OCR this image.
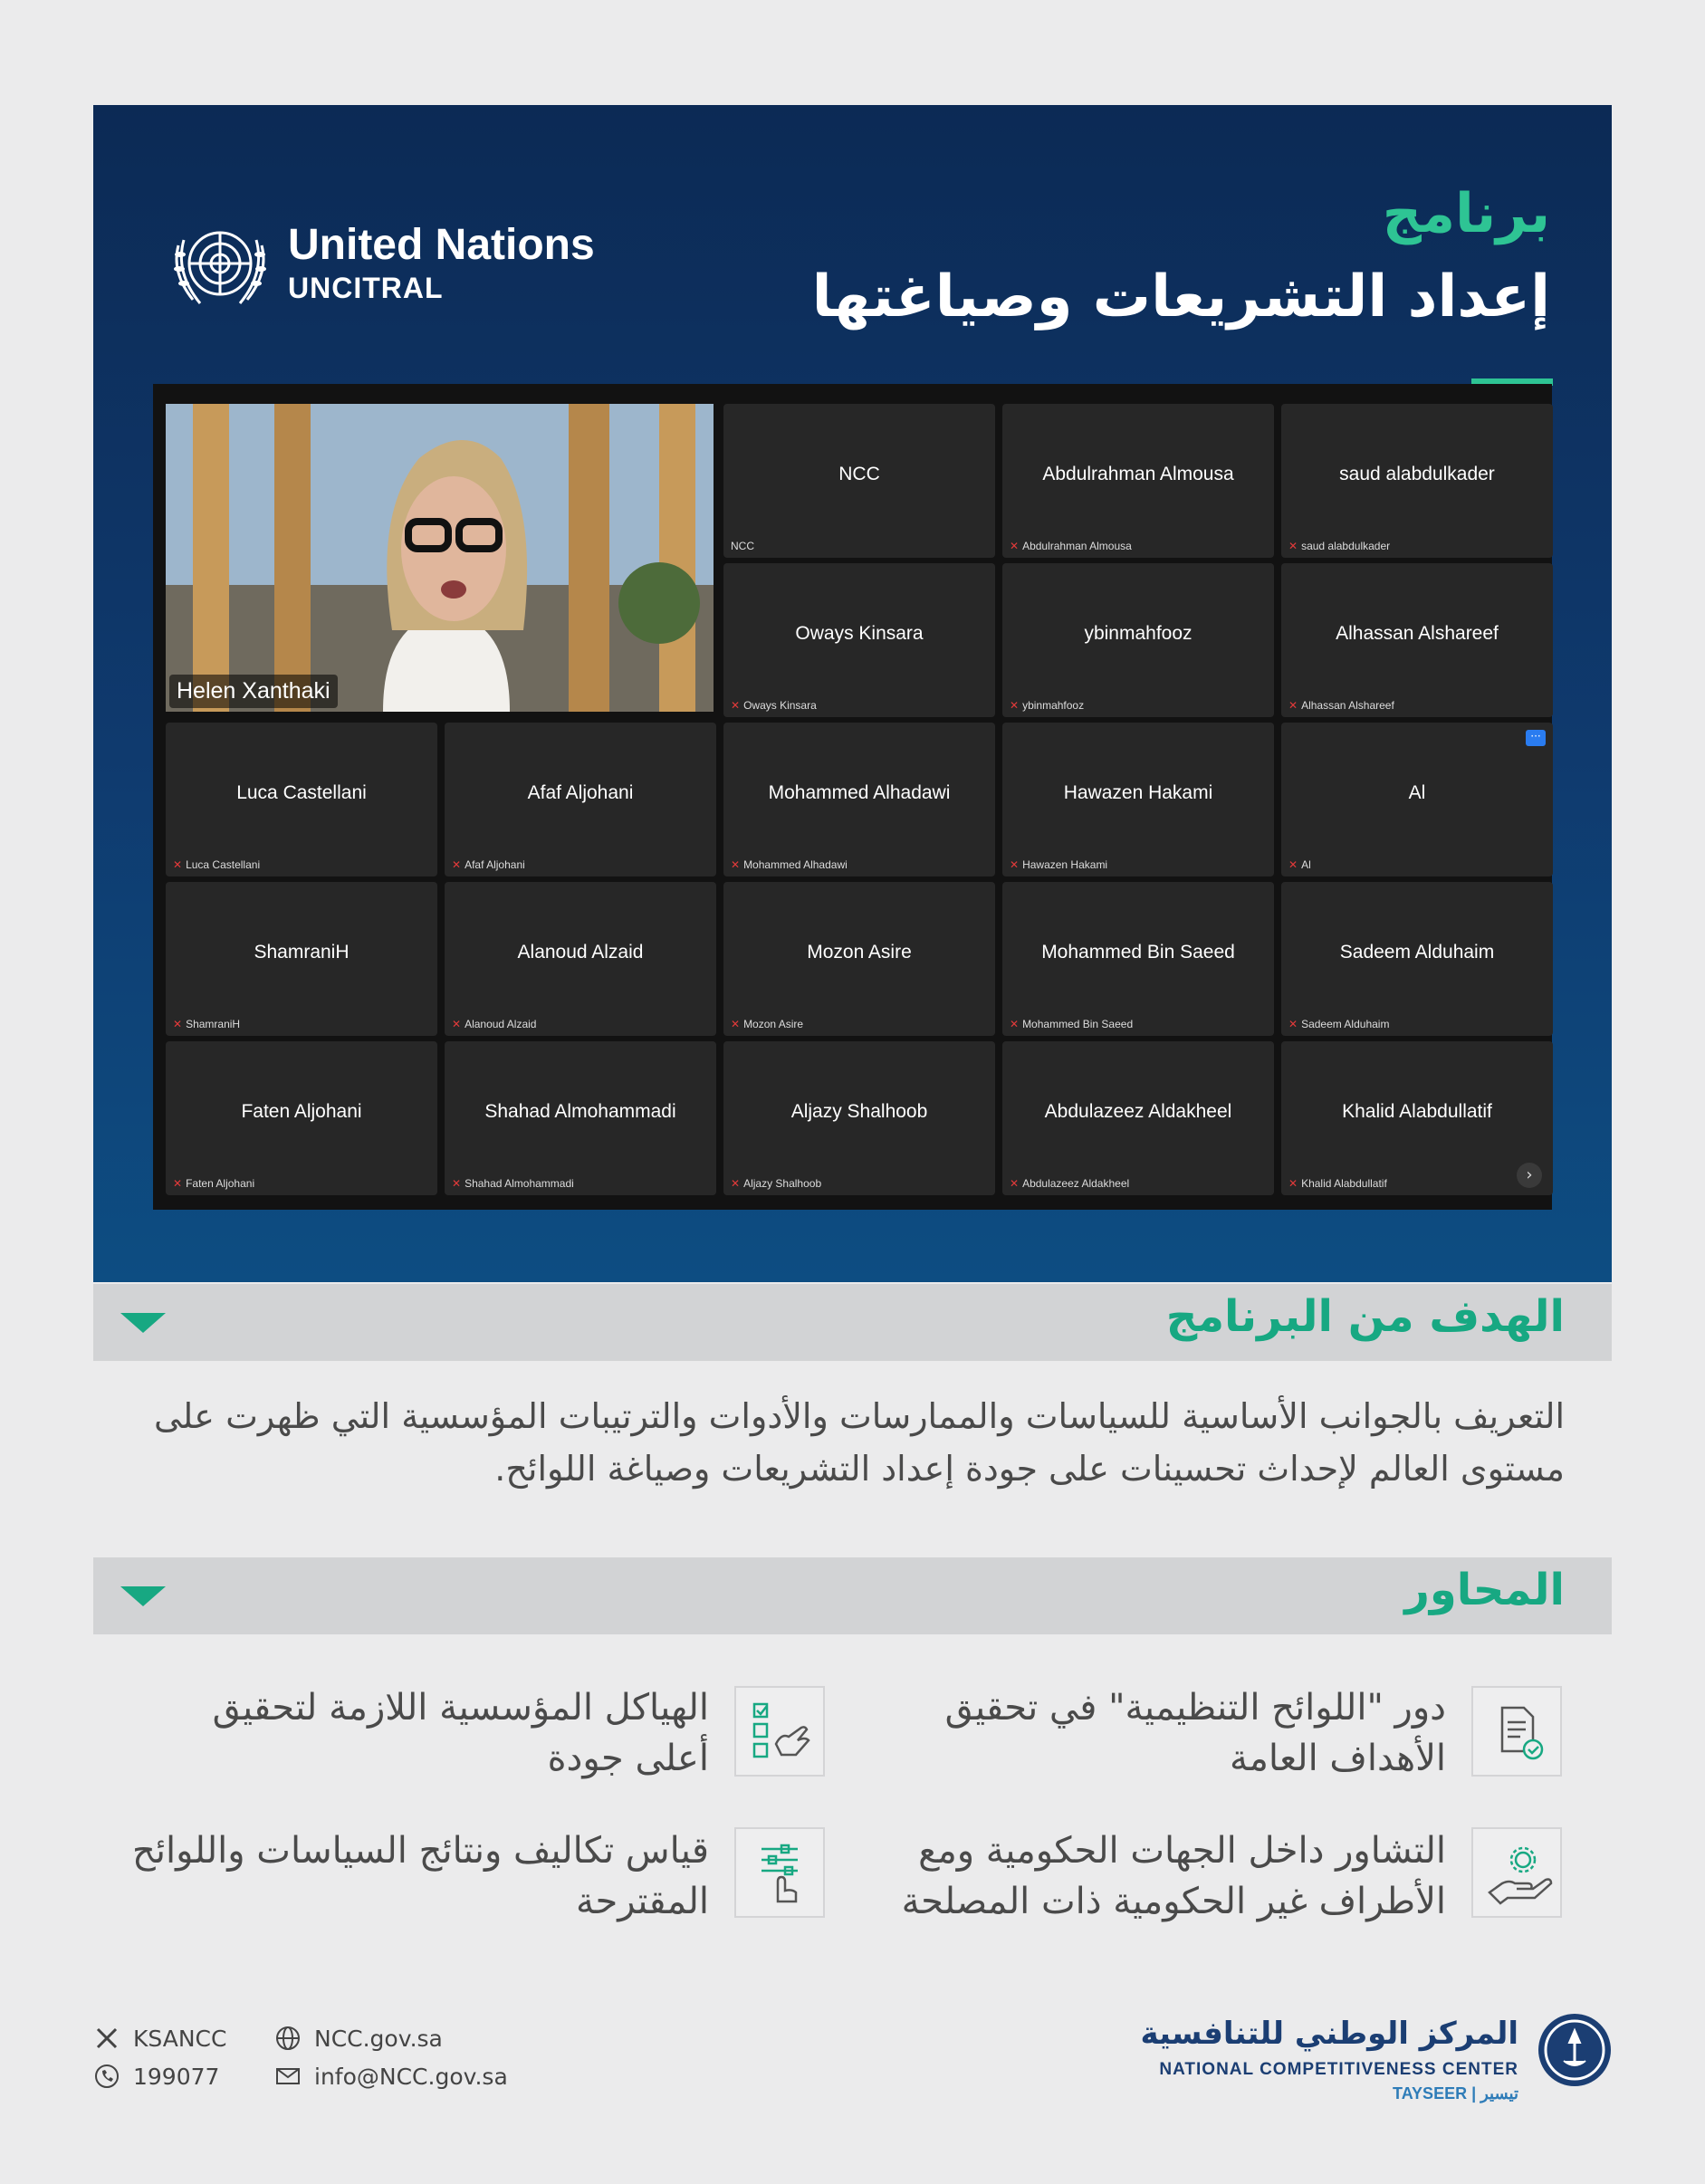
United Nations
UNCITRAL
برنامج
إعداد التشريعات وصياغتها
Helen Xanthaki
NCC
NCC
Abdulrahman Almousa
✕ Abdulrahman Almousa
saud alabdulkader
✕ saud alabdulkader
Oways Kinsara
✕ Oways Kinsara
ybinmahfooz
✕ ybinmahfooz
Alhassan Alshareef
✕ Alhassan Alshareef
Luca Castellani
✕ Luca Castellani
Afaf Aljohani
✕ Afaf Aljohani
Mohammed Alhadawi
✕ Mohammed Alhadawi
Hawazen Hakami
✕ Hawazen Hakami
Al
✕ Al
···
ShamraniH
✕ ShamraniH
Alanoud Alzaid
✕ Alanoud Alzaid
Mozon Asire
✕ Mozon Asire
Mohammed Bin Saeed
✕ Mohammed Bin Saeed
Sadeem Alduhaim
✕ Sadeem Alduhaim
Faten Aljohani
✕ Faten Aljohani
Shahad Almohammadi
✕ Shahad Almohammadi
Aljazy Shalhoob
✕ Aljazy Shalhoob
Abdulazeez Aldakheel
✕ Abdulazeez Aldakheel
Khalid Alabdullatif
✕ Khalid Alabdullatif	›
الهدف من البرنامج
التعريف بالجوانب الأساسية للسياسات والممارسات والأدوات والترتيبات المؤسسية التي ظهرت على مستوى العالم لإحداث تحسينات على جودة إعداد التشريعات وصياغة اللوائح.
المحاور
دور "اللوائح التنظيمية" في تحقيق الأهداف العامة
الهياكل المؤسسية اللازمة لتحقيق أعلى جودة
التشاور داخل الجهات الحكومية ومع الأطراف غير الحكومية ذات المصلحة
قياس تكاليف ونتائج السياسات واللوائح المقترحة
KSANCC
199077
NCC.gov.sa
info@NCC.gov.sa
المركز الوطني للتنافسية
NATIONAL COMPETITIVENESS CENTER
TAYSEER | تيسير
